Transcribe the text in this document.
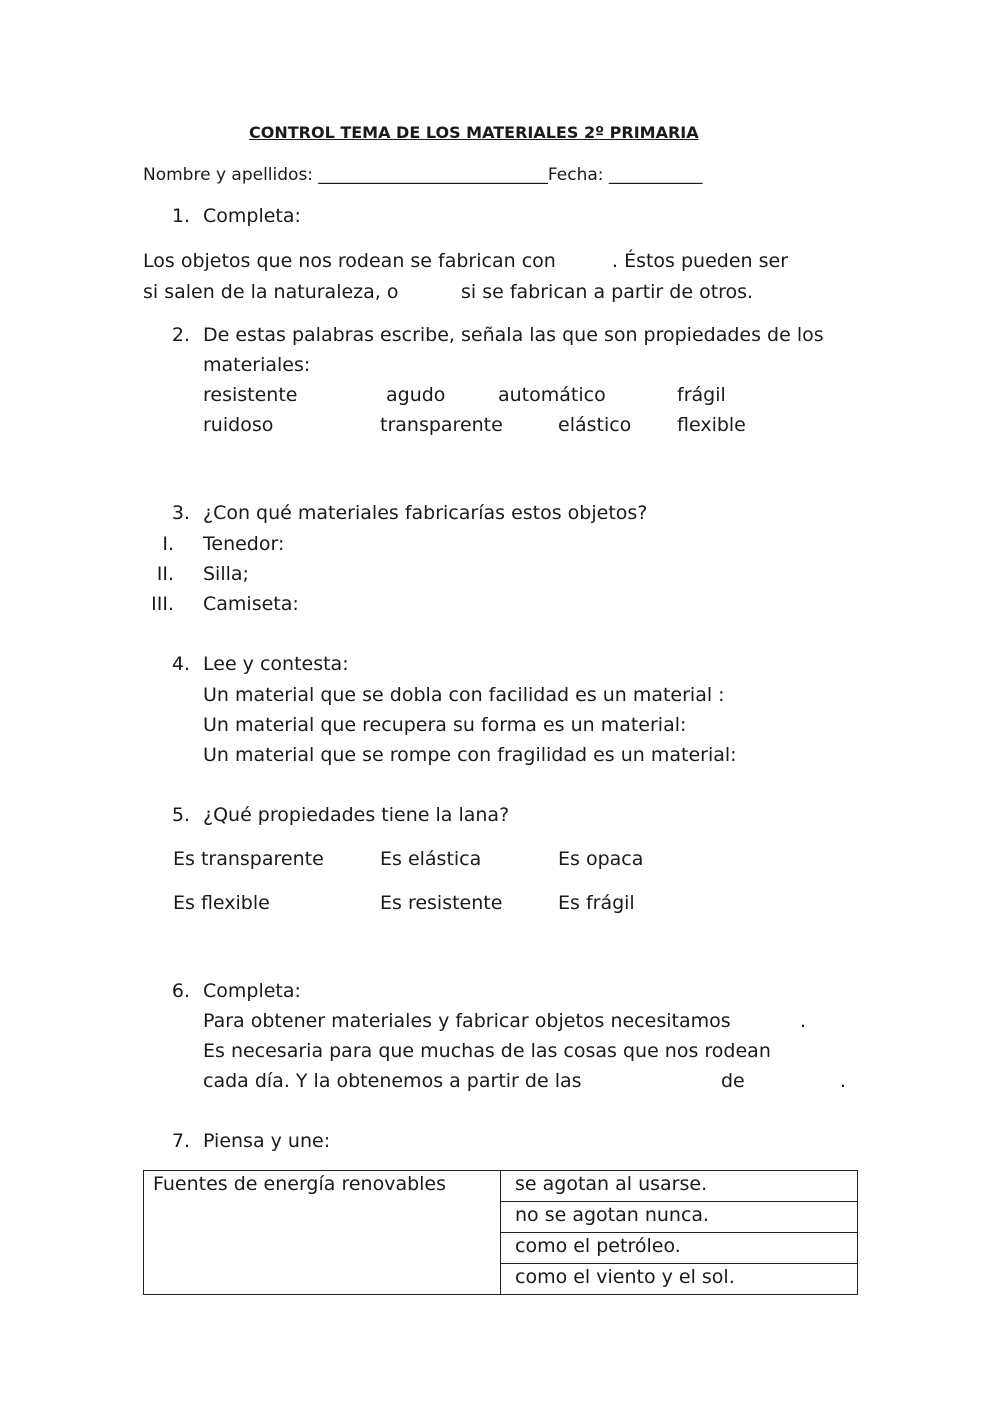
CONTROL TEMA DE LOS MATERIALES 2º PRIMARIA
Nombre y apellidos: ___________________________Fecha: ___________
1. Completa:
Los objetos que nos rodean se fabrican con	. Éstos pueden ser
si salen de la naturaleza, o	si se fabrican a partir de otros.
2. De estas palabras escribe, señala las que son propiedades de los
materiales:
resistente	agudo	automático	frágil
ruidoso	transparente	elástico flexible
3. ¿Con qué materiales fabricarías estos objetos?
I. Tenedor:
II. Silla;
III. Camiseta:
4. Lee y contesta:
Un material que se dobla con facilidad es un material :
Un material que recupera su forma es un material:
Un material que se rompe con fragilidad es un material:
5. ¿Qué propiedades tiene la lana?
Es transparente	Es elástica	Es opaca
Es flexible	Es resistente	Es frágil
6. Completa:
Para obtener materiales y fabricar objetos necesitamos	.
Es necesaria para que muchas de las cosas que nos rodean
cada día. Y la obtenemos a partir de las	de	.
7. Piensa y une:
Fuentes de energía renovables	se agotan al usarse.
no se agotan nunca.
como el petróleo.
como el viento y el sol.
